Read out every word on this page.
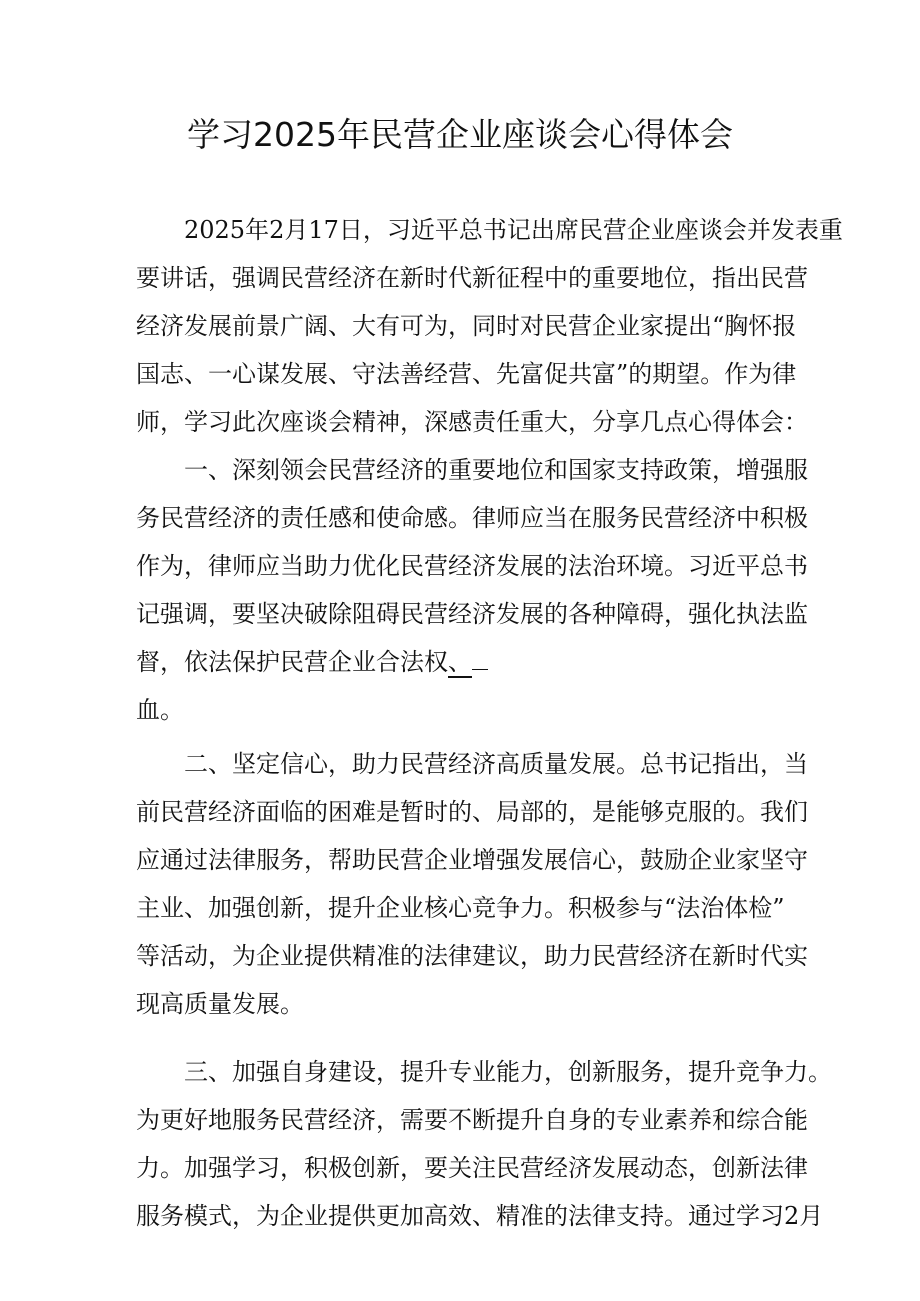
学习2025年民营企业座谈会心得体会
2025年2月17日，习近平总书记出席民营企业座谈会并发表重
要讲话，强调民营经济在新时代新征程中的重要地位，指出民营
经济发展前景广阔、大有可为，同时对民营企业家提出“胸怀报
国志、一心谋发展、守法善经营、先富促共富”的期望。作为律
师，学习此次座谈会精神，深感责任重大，分享几点心得体会：
一、深刻领会民营经济的重要地位和国家支持政策，增强服
务民营经济的责任感和使命感。律师应当在服务民营经济中积极
作为，律师应当助力优化民营经济发展的法治环境。习近平总书
记强调，要坚决破除阻碍民营经济发展的各种障碍，强化执法监
督，依法保护民营企业合法权、
血。
二、坚定信心，助力民营经济高质量发展。总书记指出，当
前民营经济面临的困难是暂时的、局部的，是能够克服的。我们
应通过法律服务，帮助民营企业增强发展信心，鼓励企业家坚守
主业、加强创新，提升企业核心竞争力。积极参与“法治体检”
等活动，为企业提供精准的法律建议，助力民营经济在新时代实
现高质量发展。
三、加强自身建设，提升专业能力，创新服务，提升竞争力。
为更好地服务民营经济，需要不断提升自身的专业素养和综合能
力。加强学习，积极创新，要关注民营经济发展动态，创新法律
服务模式，为企业提供更加高效、精准的法律支持。通过学习2月
